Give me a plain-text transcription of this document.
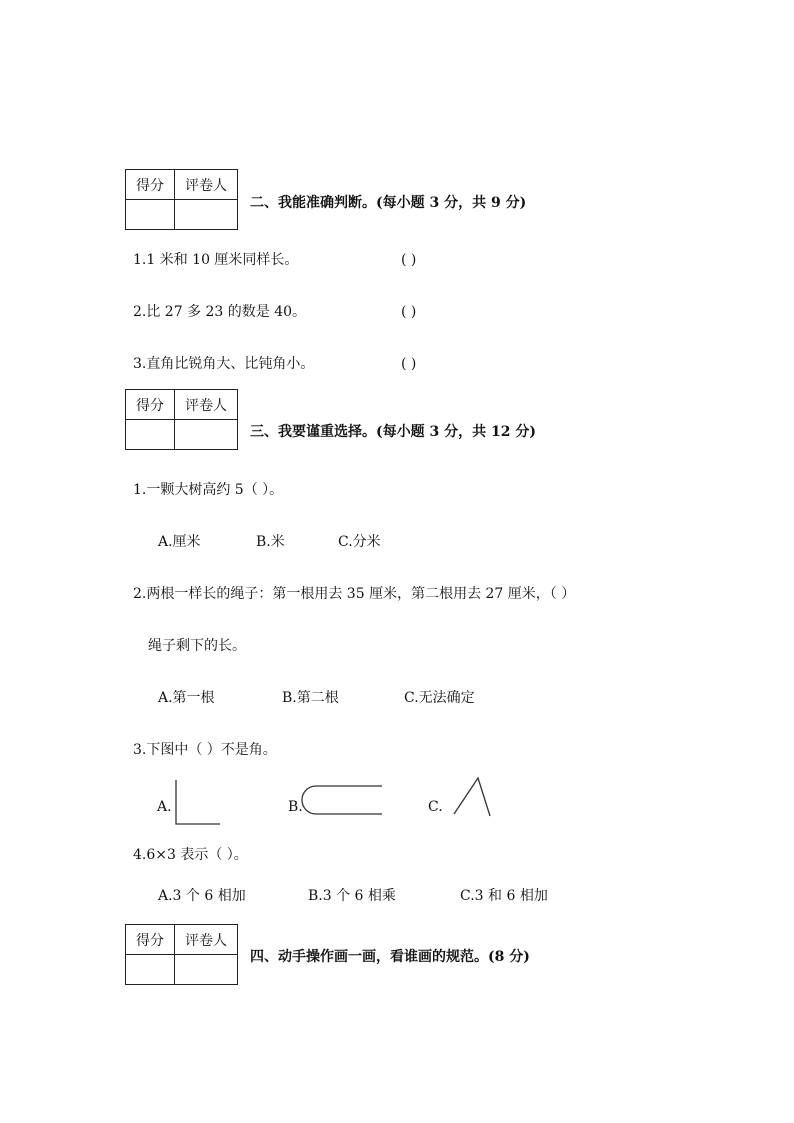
得分	评卷人

二、我能准确判断。(每小题 3 分，共 9 分)
1.1 米和 10 厘米同样长。	( )
2.比 27 多 23 的数是 40。	( )
3.直角比锐角大、比钝角小。	( )
得分	评卷人

三、我要谨重选择。(每小题 3 分，共 12 分)
1.一颗大树高约 5（ ）。
A.厘米	B.米	C.分米
2.两根一样长的绳子：第一根用去 35 厘米，第二根用去 27 厘米，（ ）
绳子剩下的长。
A.第一根	B.第二根	C.无法确定
3.下图中（ ）不是角。
A.	B.	C.
4.6×3 表示（ ）。
A.3 个 6 相加	B.3 个 6 相乘	C.3 和 6 相加
得分	评卷人

四、动手操作画一画，看谁画的规范。(8 分)
